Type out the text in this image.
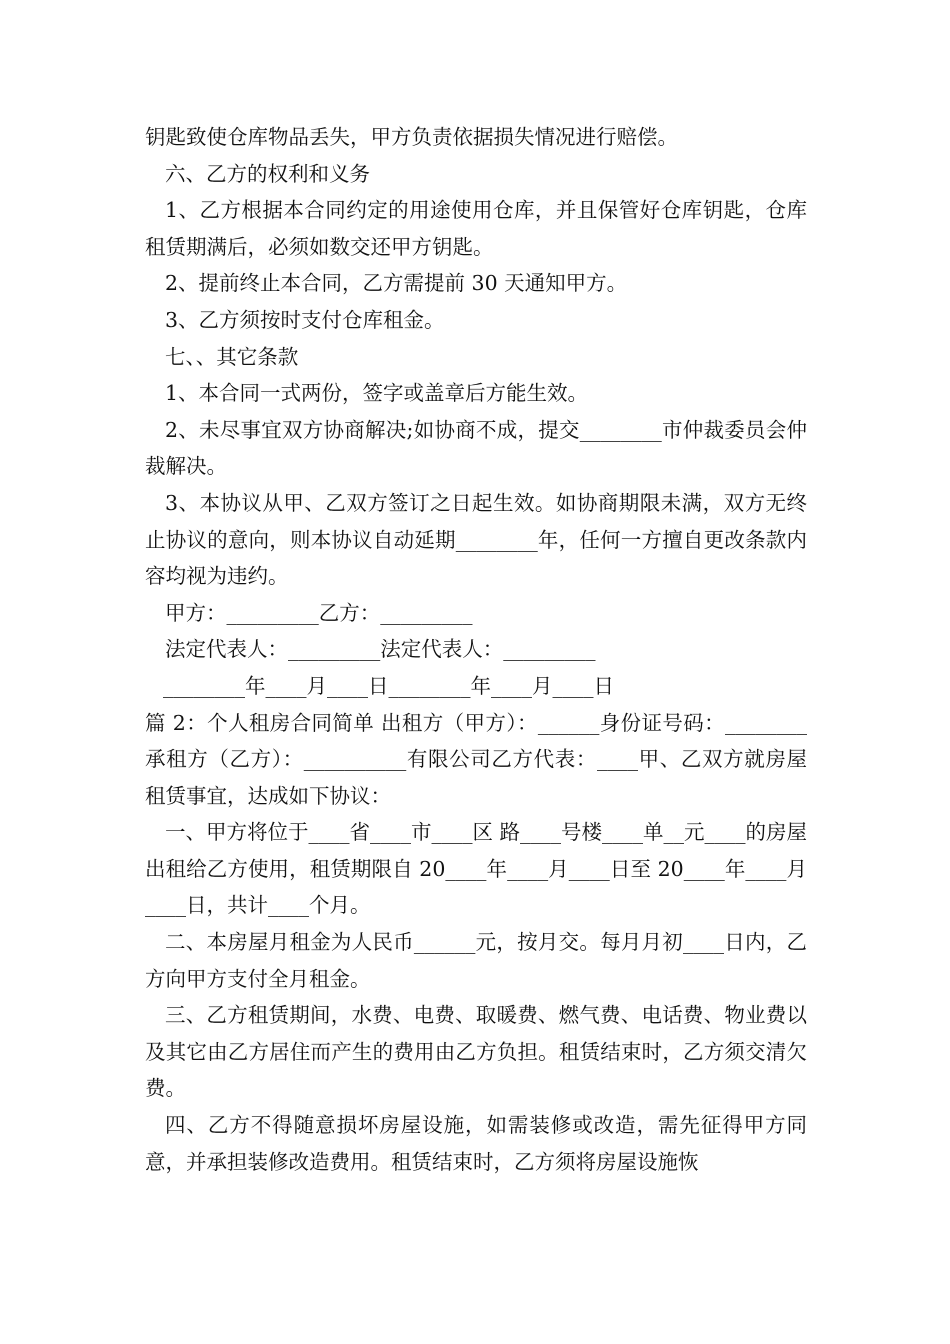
钥匙致使仓库物品丢失，甲方负责依据损失情况进行赔偿。

六、乙方的权利和义务

1、乙方根据本合同约定的用途使用仓库，并且保管好仓库钥匙，仓库租赁期满后，必须如数交还甲方钥匙。

2、提前终止本合同，乙方需提前 30 天通知甲方。

3、乙方须按时支付仓库租金。

七、、其它条款

1、本合同一式两份，签字或盖章后方能生效。

2、未尽事宜双方协商解决;如协商不成，提交________市仲裁委员会仲裁解决。

3、本协议从甲、乙双方签订之日起生效。如协商期限未满，双方无终止协议的意向，则本协议自动延期________年，任何一方擅自更改条款内容均视为违约。

甲方：_________乙方：_________

法定代表人：_________法定代表人：_________

________年____月____日________年____月____日

篇 2：个人租房合同简单 出租方（甲方）：______身份证号码：________承租方（乙方）：__________有限公司乙方代表：____甲、乙双方就房屋租赁事宜，达成如下协议：

一、甲方将位于____省____市____区 路____号楼____单__元____的房屋出租给乙方使用，租赁期限自 20____年____月____日至 20____年____月____日，共计____个月。

二、本房屋月租金为人民币______元，按月交。每月月初____日内，乙方向甲方支付全月租金。

三、乙方租赁期间，水费、电费、取暖费、燃气费、电话费、物业费以及其它由乙方居住而产生的费用由乙方负担。租赁结束时，乙方须交清欠费。

四、乙方不得随意损坏房屋设施，如需装修或改造，需先征得甲方同意，并承担装修改造费用。租赁结束时，乙方须将房屋设施恢
